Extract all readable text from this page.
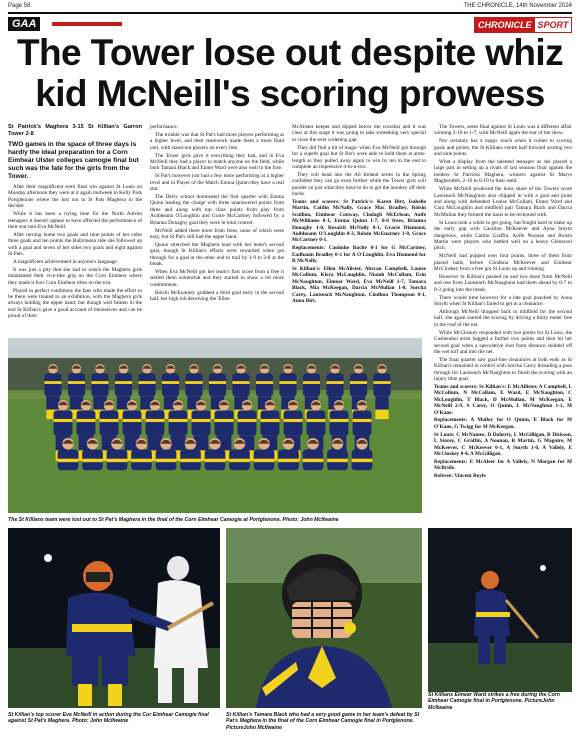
Page 58	THE CHRONICLE, 14th November 2024
GAA	CHRONICLE SPORT
The Tower lose out despite whiz kid McNeill's scoring prowess
St Patrick's Maghera 3-15 St Killian's Garron Tower 2-8
TWO games in the space of three days is hardly the ideal preparation for a Corn Eimhear Ulster colleges camogie final but such was the fate for the girls from the Tower.

After their magnificent semi final win against St Louis on Monday afternoon they were at it again midweek in Kelly Park Portglenone where the lost out to St Pats Maghera in the decider.

While it has been a trying time for the North Antrim teenagers it doesn't appear to have affected the performance of their star turn Eva McNeill.

After turning home two goals and nine points of her sides three goals and ten points the Ballymena side she followed up with a goal and seven of her sides two goals and eight against St Pats.

A magnificent achievement in anyone's language.

It was just a pity that she had to watch the Maghera girls maintained their vice-like grip on the Corn Eimhear where they made it four Corn Eimhear titles on the trot.

Played in perfect conditions the fans who made the effort to be there were treated to an exhibition, with the Maghera girls always holding the upper hand, but though well beaten in the end St Killian's gave a good account of themselves and can be proud of their

performance.

The trouble was that St Pat's had more players performing at a higher level, and their teamwork made them a more fluid unit, with stand-out players on every line.

The Tower girls gave it everything they had, and in Eva McNeill they had a player to match anyone on the field, while both Tamara Black and Eimer Ward were also well to the fore.

St Pat's however just had a few more performing at a higher level and in Player of the Match Emma Quinn they have a real star.

The Derry school dominated the first quarter with Emma Quinn leading the charge with three unanswered points from three and along with top class points from play from Aoibheann O'Loughlin and Grace McCartney followed by a Brianna Donaghy goal they were in total control.

McNeill added three more from frees, none of which were easy, but St Pat's still had the upper hand.

Quinn stretched the Maghera lead with her team's second goal, though St Killian's efforts were rewarded when got through for a goal at the other end to trail by 1-9 to 2-8 at the break.

When Eva McNeill got her team's first score from a free it settled them somewhat and they started to show a bit more commitment.

Róisín McEnarney grabbed a third goal early in the second half, her high lob deceiving the 'Ellen

McAlister keeper and dipped below the crossbar and it was clear at this stage it was going to take something very special to close the ever widening gap.

They did find a bit of magic when Eva McNeill got through for a superb goal but St Pat's were able to hold them at arms-length as they pulled away again to win by ten in the end to complete an impressive 4-in-a-row.

They will head into the All Ireland series in the Spring confident they can go even further while the Tower girls will ponder on just what they have to do to get the monkey off their backs.

Teams and scorers: St Patrick's: Karen Birt, Isabelle Martin, Caitlin McNally, Grace Mac Bradley, Róisín Scullion, Eimhear Conway, Clodagh McErlean, Aoife McWilliams 0-1, Emma Quinn 1-7, 0-6 frees, Brianna Donaghy 1-0, Rosaich McNally 0-1, Gracie Diamond, Aoibheann O'Loughlin 0-3, Róisín McEnarney 1-0, Grace McCartney 0-1.

Replacements: Caoimhe Roche 0-1 for G McCartney, Eadhaoin Bradley 0-1 for A O'Loughlin, Eva Diamond for R McNally.

St Killian's: Ellen McAlister, Abrcan Campbell, Louise McCollum, Kiera McLaughlin, Niamh McCollam, Erin McNaughton, Eimear Ward, Eva McNeill 1-7, Tamara Black, Mia McKeegan, Darcia McMullan 1-0, Sorcha Carey, Laoiseach McNaughton, Clodhna Thompson 0-1, Anna Birt.

The Towers, seem final against St Louis was a different affair winning 3-10 to 1-7, with McNeill again the star of the show.

Nor certainly has a magic touch when it comes to scoring goals and points, the St Killians centre half forward scoring two and nine points.

What a display from the talented teenager as she played a large part in setting up a rivals of last seasons final against the holders St Patricks Maghera, winners against St Marys Magherafelt, 2-10 to 0-10 in their semi.

While McNeill produced the lions share of the Towers score Laoiseach McNaughton also chipped in with a goal and point and along with defenders Louise McCollam, Eimer Ward and Cara McLoughlin and midfield pair Tamara Black and Darcia McMullan they formed the basis to be reckoned with.

St Louis took a while to get going, but fought hard to make up the early gap with Caoilinn McKeever and Anna Smyth dangerous, while Caitlin Graffin, Aoife Noonan and Roisin Martin were players who battled well on a heavy Glenravel pitch.

McNeill had popped over four points, three of them from placed balls, before Cliodhna McKeever and Eimhear McCloskey from a free got St Louis up and running.

However St Killian's pushed on and two more from McNeill and one from Laoiseach McNaughton had them ahead by 0-7 to 0-3 going into the break.

There would time however for a late goal poached by Anna Smyth when St Killian's failed to get in a clearance.

Although McNeill dropped back to midfield for the second half, she again started the scoring by driving a thirty meter free to the roof of the net.

While McCloskey responded with two points for St Louis, the Cushendun artist bagged a further two points and then hit her second goal when a speculative shot from distance skidded off the wet turf and into the net.

The final quarter saw goal-line clearances at both ends as St Killian's remained in control with Sorcha Carey threading a pass through for Laoiseach McNaughton to finish the scoring with an injury time goal.

Teams and scorers: St Killian's: E McAllister, A Campbell, L McCollum, N McCollam, E Ward, E McNaughton, C McLoughlin, T Black, D McMullan, M McKeegan, E McNeill 2-9, S Carey, O Quinn, L McNaughton 1-1, M O'Kane.

Replacements: A Molloy for O Quinn, E Black for M O'Kane, G Twigg for M McKeegan.

St Louis: C McNamee, D Doherty, L McGilligan, R Dickson, L Storey, C Graffin, A Noonan, R Martin, G Maguire, M McKeever, C McKeever 0-1, A Smyth 1-0, A Vallely, E McCloskey 0-4, A McGilligan.

Replacements: E McAleer for A Vallely, N Morgan for M McBride.

Referee: Vincent Boyle

The St Killians team were lost out to St Pat's Maghera in the final of the Corn Eimhear Camogie at Portglenone. Photo: John McIlwaine
St Killian's top scorer Eva McNeill in action during the Cor Eimhear Camogie final against St Pat's Maghera. Photo: John McIlwaine
St Killian's Tamara Black who had a very good game in her team's defeat by St Pat's Maghera in the final of the Corn Eimhear Camogie final in Portglenone. PictureJohn McIlwaine
St Killians Eimear Ward strikes a free during the Corn Eimhear Camogie final in Portglenone. PictureJohn McIlwaine
